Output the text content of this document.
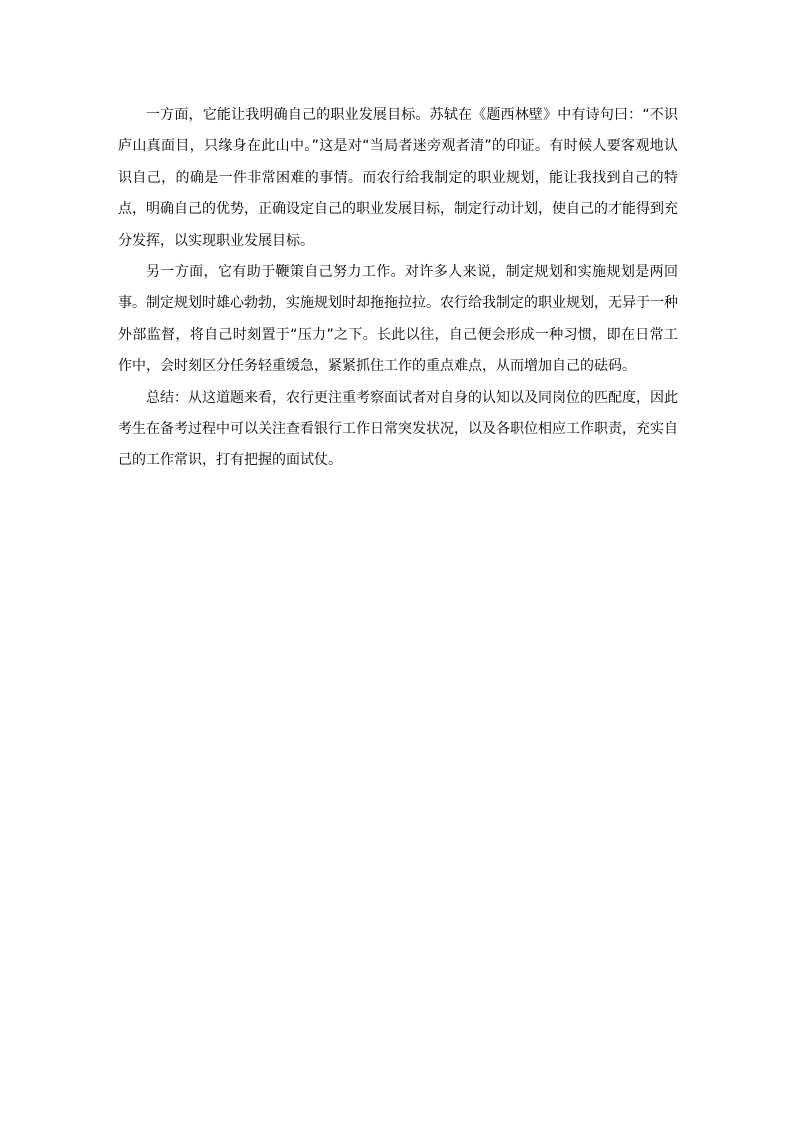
一方面，它能让我明确自己的职业发展目标。苏轼在《题西林壁》中有诗句曰：“不识庐山真面目，只缘身在此山中。”这是对“当局者迷旁观者清”的印证。有时候人要客观地认识自己，的确是一件非常困难的事情。而农行给我制定的职业规划，能让我找到自己的特点，明确自己的优势，正确设定自己的职业发展目标，制定行动计划，使自己的才能得到充分发挥，以实现职业发展目标。

另一方面，它有助于鞭策自己努力工作。对许多人来说，制定规划和实施规划是两回事。制定规划时雄心勃勃，实施规划时却拖拖拉拉。农行给我制定的职业规划，无异于一种外部监督，将自己时刻置于“压力”之下。长此以往，自己便会形成一种习惯，即在日常工作中，会时刻区分任务轻重缓急，紧紧抓住工作的重点难点，从而增加自己的砝码。

总结：从这道题来看，农行更注重考察面试者对自身的认知以及同岗位的匹配度，因此考生在备考过程中可以关注查看银行工作日常突发状况，以及各职位相应工作职责，充实自己的工作常识，打有把握的面试仗。
